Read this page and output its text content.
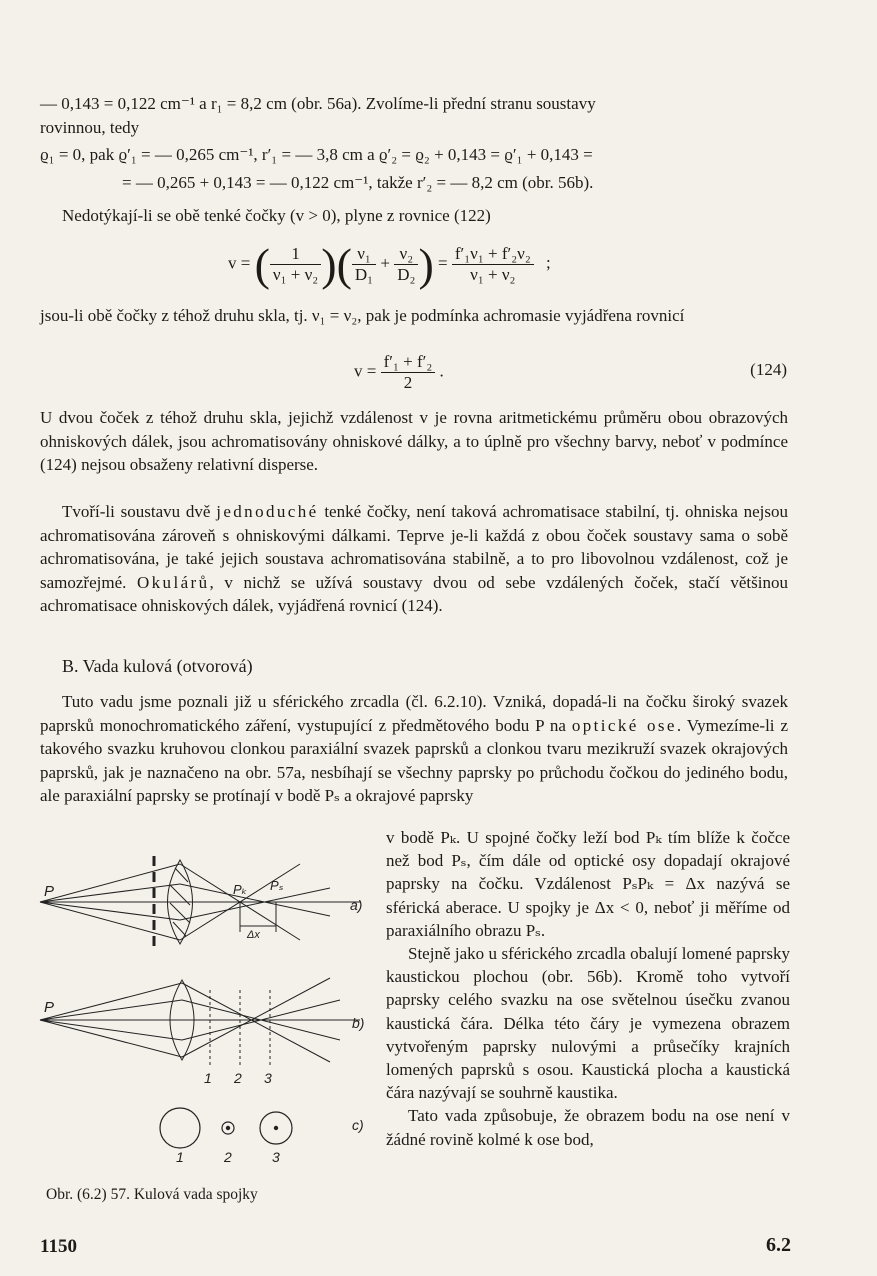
— 0,143 = 0,122 cm⁻¹ a r₁ = 8,2 cm (obr. 56a). Zvolíme-li přední stranu soustavy

rovinnou, tedy

ϱ₁ = 0, pak ϱ′₁ = — 0,265 cm⁻¹, r′₁ = — 3,8 cm a ϱ′₂ = ϱ₂ + 0,143 = ϱ′₁ + 0,143 =
= — 0,265 + 0,143 = — 0,122 cm⁻¹, takže r′₂ = — 8,2 cm (obr. 56b).
Nedotýkají-li se obě tenké čočky (v > 0), plyne z rovnice (122)
v = ( $\frac{1}{\text{ν₁ + ν₂}}$ )( $\frac{\text{ν₁}}{\text{D₁}} + \frac{\text{ν₂}}{\text{D₂}}$ ) = $\frac{\text{f′₁ν₁ + f′₂ν₂}}{\text{ν₁ + ν₂}}$ ;
jsou-li obě čočky z téhož druhu skla, tj. ν₁ = ν₂, pak je podmínka achromasie vyjádřena rovnicí
$v = \frac{\text{f′₁ + f′₂}}{2}$ .	(124)

U dvou čoček z téhož druhu skla, jejichž vzdálenost v je rovna aritmetickému průměru obou obrazových ohniskových dálek, jsou achromatisovány ohniskové dálky, a to úplně pro všechny barvy, neboť v podmínce (124) nejsou obsaženy relativní disperse.

Tvoří-li soustavu dvě jednoduché tenké čočky, není taková achromatisace stabilní, tj. ohniska nejsou achromatisována zároveň s ohniskovými dálkami. Teprve je-li každá z obou čoček soustavy sama o sobě achromatisována, je také jejich soustava achromatisována stabilně, a to pro libovolnou vzdálenost, což je samozřejmé. Okulárů, v nichž se užívá soustavy dvou od sebe vzdálených čoček, stačí většinou achromatisace ohniskových dálek, vyjádřená rovnicí (124).
B. Vada kulová (otvorová)
Tuto vadu jsme poznali již u sférického zrcadla (čl. 6.2.10). Vzniká, dopadá-li na čočku široký svazek paprsků monochromatického záření, vystupující z předmětového bodu P na optické ose. Vymezíme-li z takového svazku kruhovou clonkou paraxiální svazek paprsků a clonkou tvaru mezikruží svazek okrajových paprsků, jak je naznačeno na obr. 57a, nesbíhají se všechny paprsky po průchodu čočkou do jediného bodu, ale paraxiální paprsky se protínají v bodě Pₛ a okrajové paprsky

v bodě Pₖ. U spojné čočky leží bod Pₖ tím blíže k čočce než bod Pₛ, čím dále od optické osy dopadají okrajové paprsky na čočku. Vzdálenost PₛPₖ = Δx nazývá se sférická aberace. U spojky je Δx < 0, neboť ji měříme od paraxiálního obrazu Pₛ.

Stejně jako u sférického zrcadla obalují lomené paprsky kaustickou plochou (obr. 56b). Kromě toho vytvoří paprsky celého svazku na ose světelnou úsečku zvanou kaustická čára. Délka této čáry je vymezena obrazem vytvořeným paprsky nulovými a průsečíky krajních lomených paprsků s osou. Kaustická plocha a kaustická čára nazývají se souhrně kaustika.

Tato vada způsobuje, že obrazem bodu na ose není v žádné rovině kolmé k ose bod,

P	Pₖ Pₛ
Δx
a)
P
1 2 3
b)
1	2	3
c)
Obr. (6.2) 57. Kulová vada spojky
1150	6.2
